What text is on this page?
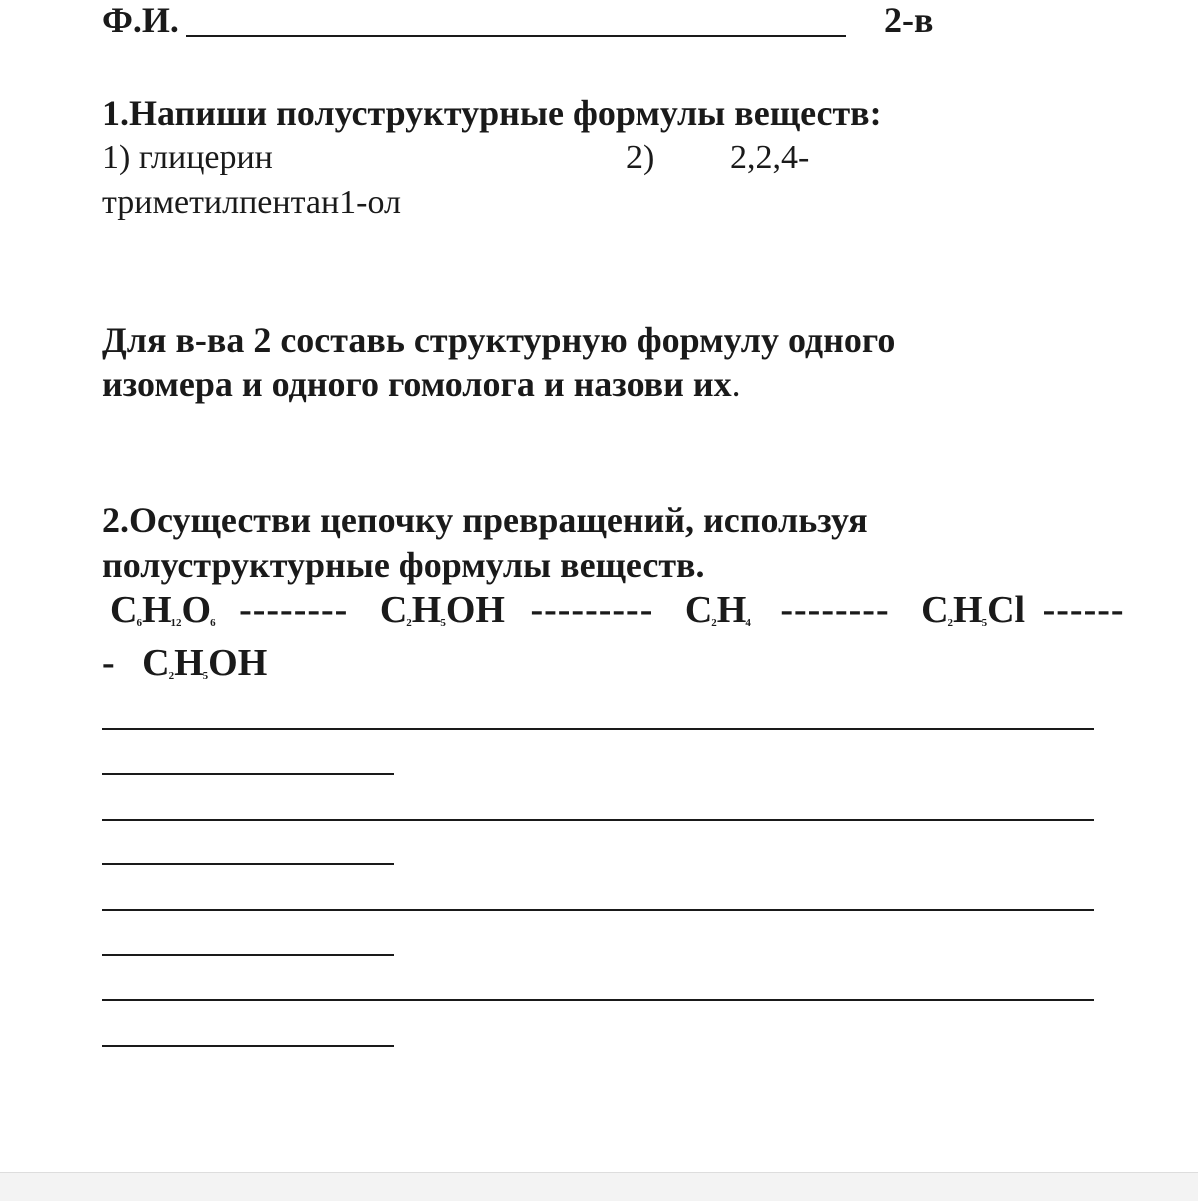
Ф.И.	2-в
1.Напиши полуструктурные формулы веществ:
1) глицерин	2) 2,2,4-
триметилпентан1-ол
Для в-ва 2 составь структурную формулу одного
изомера и одного гомолога и назови их.
2.Осуществи цепочку превращений, используя
полуструктурные формулы веществ.
$C_6H_{12}O_6$ -------- $C_2H_5OH$ --------- $C_2H_4$ -------- $C_2H_5Cl$ ------
- $C_2H_5OH$
